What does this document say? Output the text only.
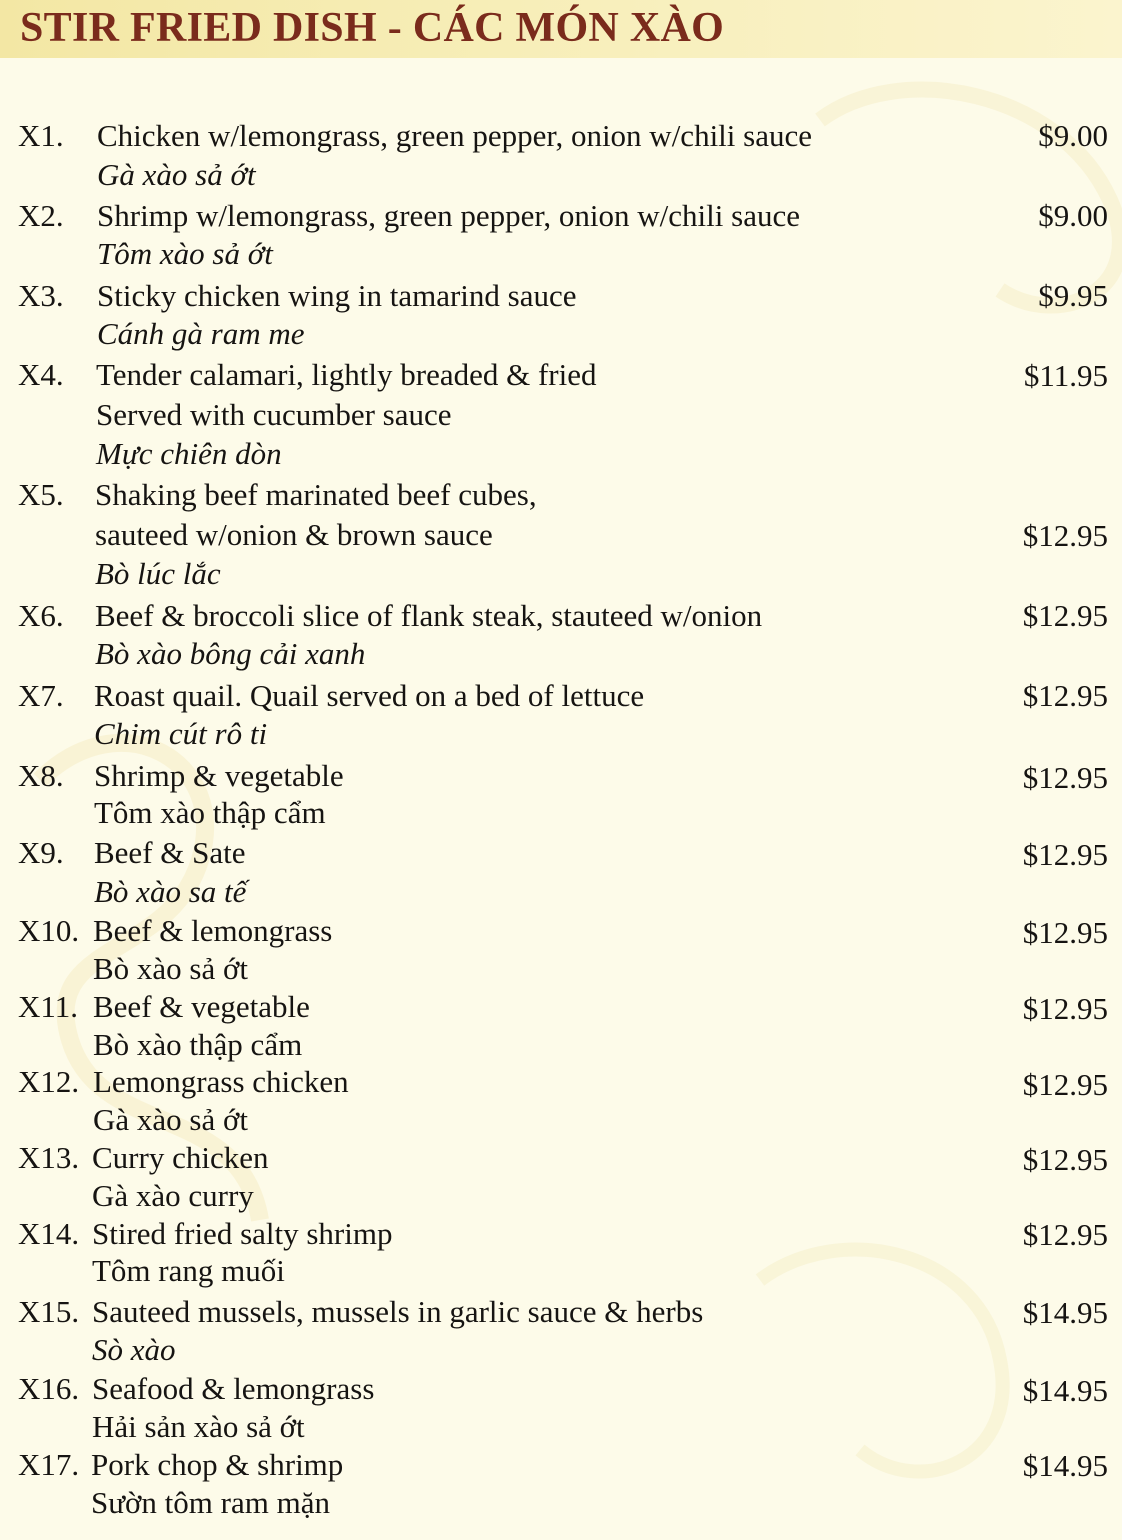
STIR FRIED DISH - CÁC MÓN XÀO
X1. Chicken w/lemongrass, green pepper, onion w/chili sauce
Gà xào sả ớt
$9.00
X2. Shrimp w/lemongrass, green pepper, onion w/chili sauce
Tôm xào sả ớt
$9.00
X3. Sticky chicken wing in tamarind sauce
Cánh gà ram me
$9.95
X4. Tender calamari, lightly breaded & fried
Served with cucumber sauce
Mực chiên dòn
$11.95
X5. Shaking beef marinated beef cubes,
sauteed w/onion & brown sauce
Bò lúc lắc
$12.95
X6. Beef & broccoli slice of flank steak, stauteed w/onion
Bò xào bông cải xanh
$12.95
X7. Roast quail. Quail served on a bed of lettuce
Chim cút rô ti
$12.95
X8. Shrimp & vegetable
Tôm xào thập cẩm
$12.95
X9. Beef & Sate
Bò xào sa tế
$12.95
X10. Beef & lemongrass
Bò xào sả ớt
$12.95
X11. Beef & vegetable
Bò xào thập cẩm
$12.95
X12. Lemongrass chicken
Gà xào sả ớt
$12.95
X13. Curry chicken
Gà xào curry
$12.95
X14. Stired fried salty shrimp
Tôm rang muối
$12.95
X15. Sauteed mussels, mussels in garlic sauce & herbs
Sò xào
$14.95
X16. Seafood & lemongrass
Hải sản xào sả ớt
$14.95
X17. Pork chop & shrimp
Sườn tôm ram mặn
$14.95
